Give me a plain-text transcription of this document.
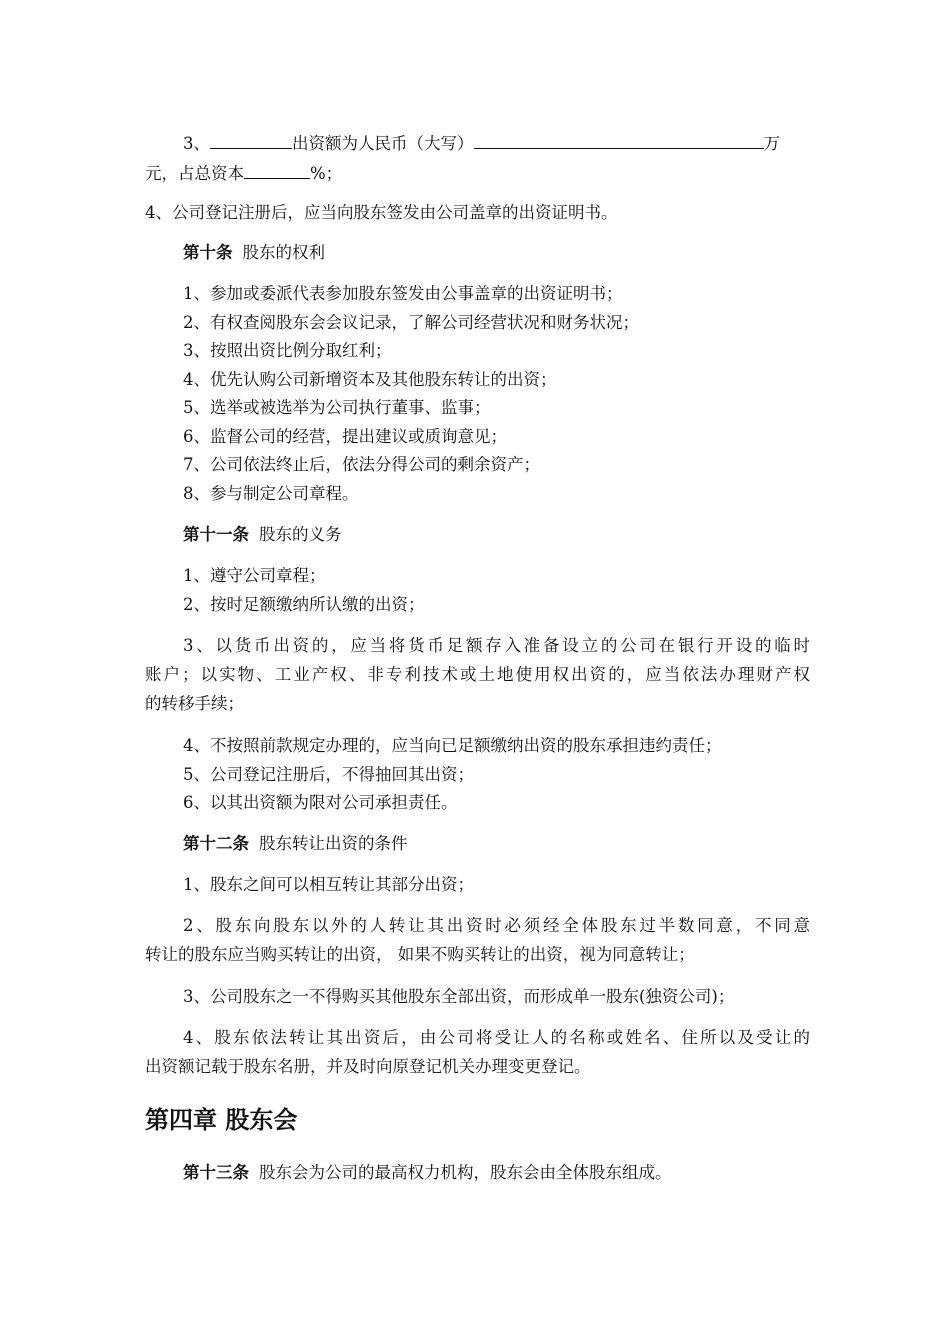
3、	出资额为人民币（大写）	万
元，占总资本	%；
4、公司登记注册后，应当向股东签发由公司盖章的出资证明书。
第十条 股东的权利
1、参加或委派代表参加股东签发由公事盖章的出资证明书；
2、有权查阅股东会会议记录，了解公司经营状况和财务状况；
3、按照出资比例分取红利；
4、优先认购公司新增资本及其他股东转让的出资；
5、选举或被选举为公司执行董事、监事；
6、监督公司的经营，提出建议或质询意见；
7、公司依法终止后，依法分得公司的剩余资产；
8、参与制定公司章程。
第十一条 股东的义务
1、遵守公司章程；
2、按时足额缴纳所认缴的出资；
3、以货币出资的，应当将货币足额存入准备设立的公司在银行开设的临时
账户；以实物、工业产权、非专利技术或土地使用权出资的，应当依法办理财产权
的转移手续；
4、不按照前款规定办理的，应当向已足额缴纳出资的股东承担违约责任；
5、公司登记注册后，不得抽回其出资；
6、以其出资额为限对公司承担责任。
第十二条 股东转让出资的条件
1、股东之间可以相互转让其部分出资；
2、股东向股东以外的人转让其出资时必须经全体股东过半数同意，不同意
转让的股东应当购买转让的出资， 如果不购买转让的出资，视为同意转让；
3、公司股东之一不得购买其他股东全部出资，而形成单一股东(独资公司)；
4、股东依法转让其出资后，由公司将受让人的名称或姓名、住所以及受让的
出资额记载于股东名册，并及时向原登记机关办理变更登记。
第四章 股东会
第十三条 股东会为公司的最高权力机构，股东会由全体股东组成。
